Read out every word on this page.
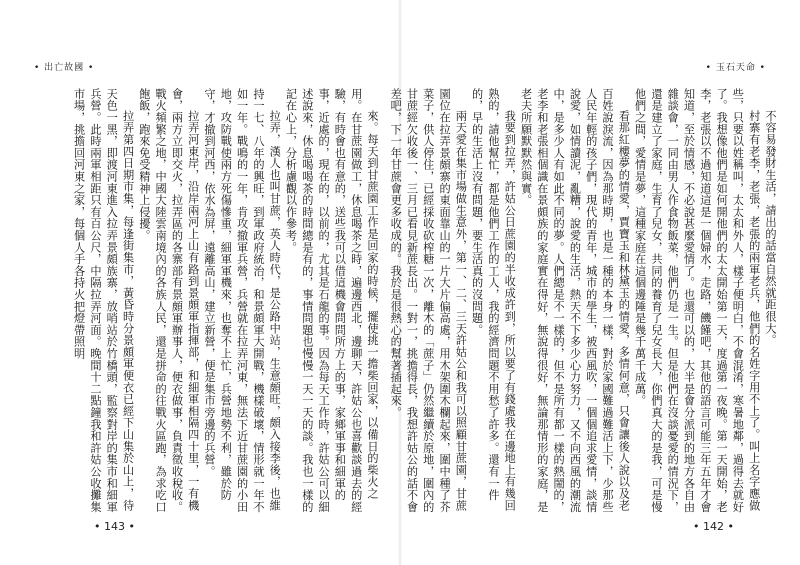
• 出亡故國 •

來。每天到甘蔗園工作是回家的時候，擺使挑一擔柴回家，以備日的柴火之用。在甘蔗園做工，休息喝茶之時，遍邊西北，邊聊天，許姑公也喜歡談過去的經驗，有時會也有意的，送些我可以借這機會問問所方上的事，家鄉軍事和細軍的事，近處的，現在的，以前的，尤其是石龍的事。因為每天工作時，許姑公可以細述說來，休息喝喝茶的時間總是有的，事情問題也慢慢一天一天的談。我也一樣的記在心上，分析慮觀以作參考。

拉弄，漢人也叫甘蔗，英人時代，是公路中站，生意頗旺，頗入接李後，也維持一七、八年的興旺，到軍政府統治，和景頗軍大開戰，機樣破壞，情形就一年不如一年。戰鳴的一年，肯攻撤軍兵營，兵營就在拉弄河東，無法下近甘蔗園的小田地，攻防戰使兩方死傷慘重，細軍軍機來，也奪不上忙，兵營地勢不利，雖於防守，才撤到河西，依水為屏，遠離高山，建立新營，便是集市旁邊的兵營。

拉弄河東岸，沿岸兩河上山有路到景頗軍指揮部，和細軍相隔四十里，一有機會，兩方立即交火，拉弄區的各寨部有景頗軍辦事人，便衣做事，負責徵收稅收。戰火頻繁之地，中國大陸雲南境內的各族人民，還是拼命的往戰火區跑，為求吃口飽飯，跑來免受精神上侵擾。

拉弄第四日期市集，每逢街集市，黃昏時分景頗軍便衣已經下山集於山上，待天色一黑，即渡河東進入拉弄景頗族寨，放哨站於竹橋頭，監察對岸的集市和細軍兵營。此時兩軍相距只有百公尺，中隔拉弄河面。晚間十二點鐘我和許姑公收攤集市場，挑擔回河東之家，每個人手各持火把燈帶照明

• 143 •
• 玉石天命 •
• 142 •

不容易發財生活，請出的話當自然就距很大。

村寨有老李，老張，老張的兩軍老兵，他們的名姓字用不上了。叫上名字應做些，只要以姓稱叫，太太和外人，樣子便明白，不會混淆，寒暑地鄰，過得去就好了。我想像他們是如何開他們的太太開始第一天，度過第一夜晚。第一天開始，老李，老張以不過知道這是一個婦水，走路，饑饉吧，其他的語言可能三年五年才會知道，至於情感，不必說甚麼愛情了。也還可以的，大半是會分派到的地方各自由雜談會，一同由男人作食物飯菜，他們仍是一生。但是他們在沒談憂愛的情況下，還是建立了家庭，生育了兒女，共同的養育了兒女長大，你們真大的是我，可是慢他們之間，愛情是夢，這種家庭在這個邊陲是幾千萬千成萬。

看那紅樓夢的情愛，賈寶玉和林黛玉的情愛，多情何意，只會讓後人說以及老百姓說淚流，因為那時期，也是一種的本身一樣，對於家國難過難活上下，少那些人民年輕的孩子們，現代的青年，城市的學生，被西風吹，一個個追求愛情，談情說愛，如情讀泥，亂糟，說愛的生活，熱天不下多少心力努力，又不向西風的潮流中，是多少人有如此不同的夢。人們總是不一樣的，但不是所有都一樣的熱鬧的，老李和老張相個識在景頗族的家庭實在得好，無說得很好，無論那情形的家庭，是老夫所願默默然與實。

我要到拉弄，許姑公日蔗園的半收成許到，所以要了有錢處我在邊地上有幾回熟的，請他幫忙，都是他們工作的工人，我的經濟問題不用愁了許多。還有一件的，早的生活上沒有問題，要生活真的沒問題。

兩天愛在集市場做生意外，第一、二、三天許姑公和我可以照顧甘蔗園，甘蔗園位在拉弄景頗寨的東面靠山的一片大片偏高處，用木架圍木欄起來，圍中種了芥菜子，供人停住，已經採收砍榨糖一次，離木的「蔗子」仍然繼續於原地，圍內的甘蔗經欠收後一、三月已看見新蔗長出。一對一，挑擔得長，我想許姑公的話不會差吧，下一年甘蔗會更多收成的。我於是很熱心的幫著插起來。
